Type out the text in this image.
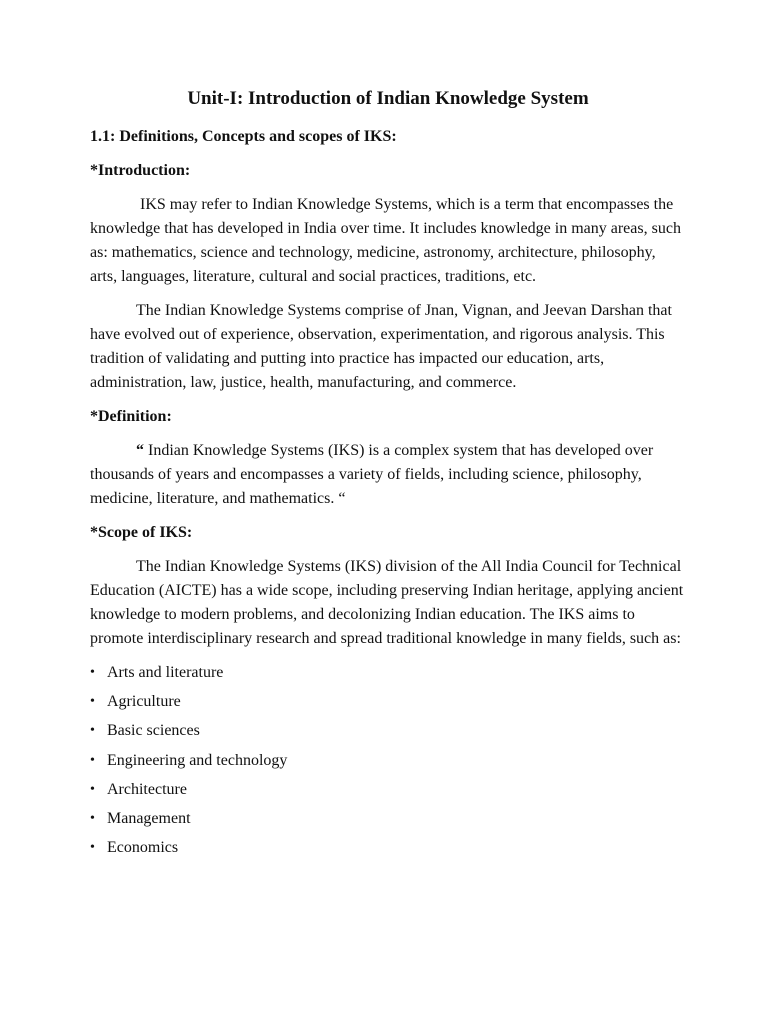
Unit-I: Introduction of Indian Knowledge System
1.1: Definitions, Concepts and scopes of IKS:
*Introduction:
IKS may refer to Indian Knowledge Systems, which is a term that encompasses the knowledge that has developed in India over time. It includes knowledge in many areas, such as: mathematics, science and technology, medicine, astronomy, architecture, philosophy, arts, languages, literature, cultural and social practices, traditions, etc.
The Indian Knowledge Systems comprise of Jnan, Vignan, and Jeevan Darshan that have evolved out of experience, observation, experimentation, and rigorous analysis. This tradition of validating and putting into practice has impacted our education, arts, administration, law, justice, health, manufacturing, and commerce.
*Definition:
“ Indian Knowledge Systems (IKS) is a complex system that has developed over thousands of years and encompasses a variety of fields, including science, philosophy, medicine, literature, and mathematics. “
*Scope of IKS:
The Indian Knowledge Systems (IKS) division of the All India Council for Technical Education (AICTE) has a wide scope, including preserving Indian heritage, applying ancient knowledge to modern problems, and decolonizing Indian education. The IKS aims to promote interdisciplinary research and spread traditional knowledge in many fields, such as:
• Arts and literature
• Agriculture
• Basic sciences
• Engineering and technology
• Architecture
• Management
• Economics
